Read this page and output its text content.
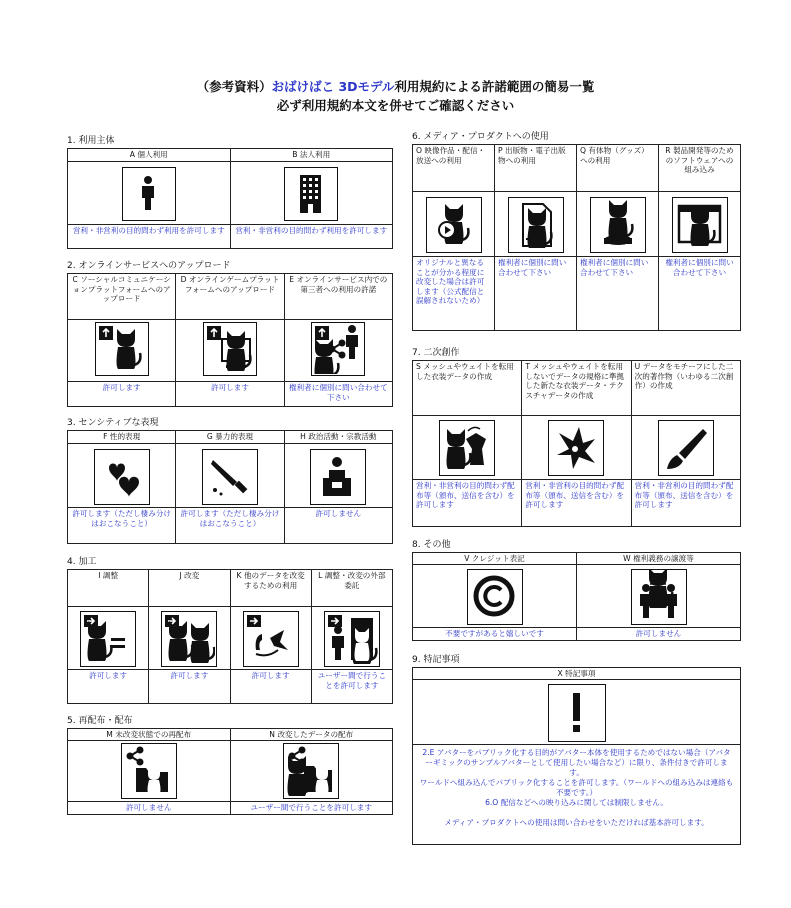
（参考資料）おばけばこ 3Dモデル利用規約による許諾範囲の簡易一覧
必ず利用規約本文を併せてご確認ください
1. 利用主体
A 個人利用	B 法人利用

営利・非営利の目的問わず利用を許可します	営利・非営利の目的問わず利用を許可します
2. オンラインサービスへのアップロード
C ソーシャルコミュニケーションプラットフォームへのアップロード	D オンラインゲームプラットフォームへのアップロード	E オンラインサービス内での第三者への利用の許諾

許可します	許可します	権利者に個別に問い合わせて下さい
3. センシティブな表現
F 性的表現	G 暴力的表現	H 政治活動・宗教活動

許可します（ただし棲み分けはおこなうこと）	許可します（ただし棲み分けはおこなうこと）	許可しません
4. 加工
I 調整	J 改変	K 他のデータを改変するための利用	L 調整・改変の外部委託

許可します	許可します	許可します	ユーザー間で行うことを許可します
5. 再配布・配布
M 未改変状態での再配布	N 改変したデータの配布

許可しません	ユーザー間で行うことを許可します
6. メディア・プロダクトへの使用
O 映像作品・配信・放送への利用	P 出版物・電子出版物への利用	Q 有体物（グッズ）への利用	R 製品開発等のためのソフトウェアへの組み込み

オリジナルと異なることが分かる程度に改変した場合は許可します（公式配信と誤解されないため）	権利者に個別に問い合わせて下さい	権利者に個別に問い合わせて下さい	権利者に個別に問い合わせて下さい
7. 二次創作
S メッシュやウェイトを転用した衣装データの作成	T メッシュやウェイトを転用しないでデータの規格に準拠した新たな衣装データ・テクスチャデータの作成	U データをモチーフにした二次的著作物（いわゆる二次創作）の作成

営利・非営利の目的問わず配布等（頒布、送信を含む）を許可します	営利・非営利の目的問わず配布等（頒布、送信を含む）を許可します	営利・非営利の目的問わず配布等（頒布、送信を含む）を許可します
8. その他
V クレジット表記	W 権利義務の譲渡等

不要ですがあると嬉しいです	許可しません
9. 特記事項
X 特記事項

2.E アバターをパブリック化する目的がアバター本体を使用するためではない場合（アバターギミックのサンプルアバターとして使用したい場合など）に限り、条件付きで許可します。
ワールドへ組み込んでパブリック化することを許可します。（ワールドへの組み込みは連絡も不要です。）
6.O 配信などへの映り込みに関しては制限しません。
メディア・プロダクトへの使用は問い合わせをいただければ基本許可します。
